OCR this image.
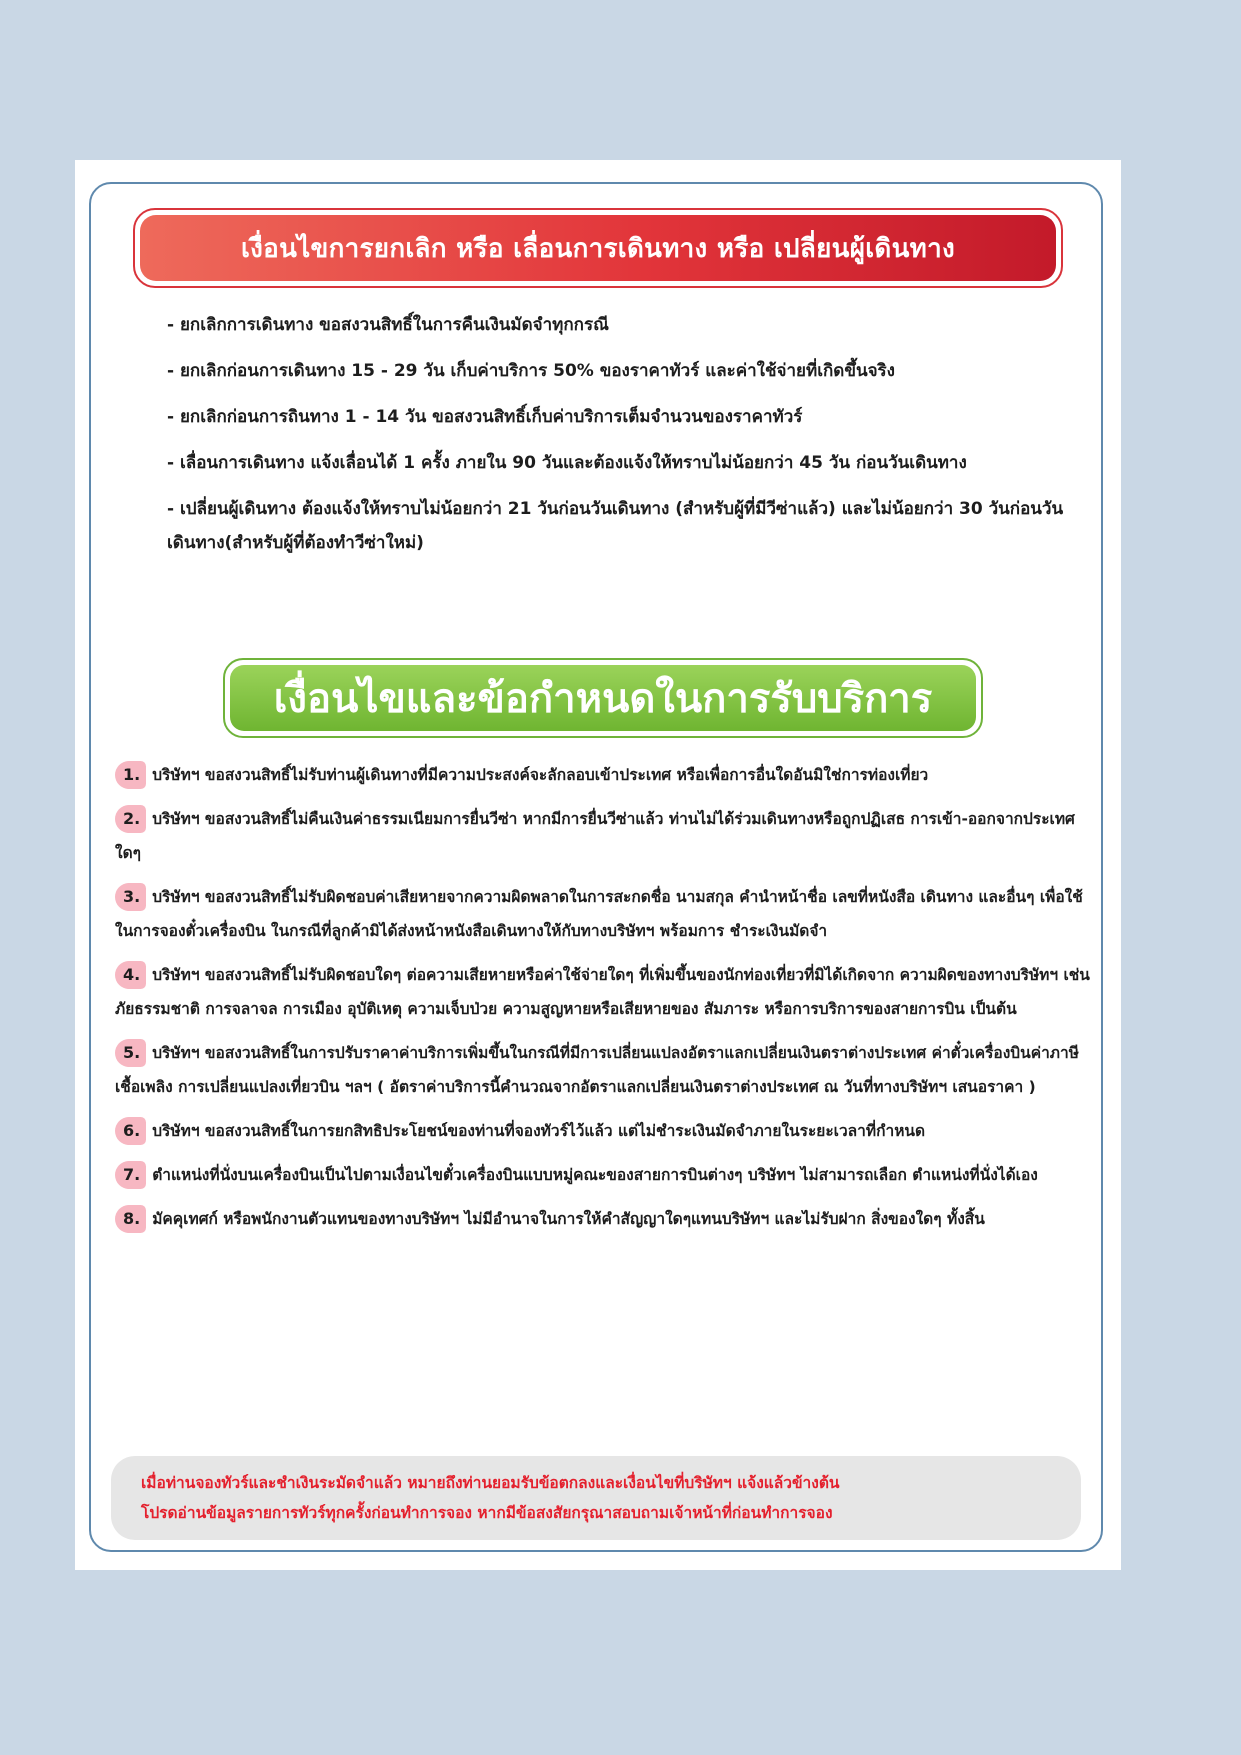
เงื่อนไขการยกเลิก หรือ เลื่อนการเดินทาง หรือ เปลี่ยนผู้เดินทาง
- ยกเลิกการเดินทาง ขอสงวนสิทธิ์ในการคืนเงินมัดจำทุกกรณี
- ยกเลิกก่อนการเดินทาง 15 - 29 วัน เก็บค่าบริการ 50% ของราคาทัวร์ และค่าใช้จ่ายที่เกิดขึ้นจริง
- ยกเลิกก่อนการถินทาง 1 - 14 วัน ขอสงวนสิทธิ์เก็บค่าบริการเต็มจำนวนของราคาทัวร์
- เลื่อนการเดินทาง แจ้งเลื่อนได้ 1 ครั้ง ภายใน 90 วันและต้องแจ้งให้ทราบไม่น้อยกว่า 45 วัน ก่อนวันเดินทาง
- เปลี่ยนผู้เดินทาง ต้องแจ้งให้ทราบไม่น้อยกว่า 21 วันก่อนวันเดินทาง (สำหรับผู้ที่มีวีซ่าแล้ว) และไม่น้อยกว่า 30 วันก่อนวันเดินทาง(สำหรับผู้ที่ต้องทำวีซ่าใหม่)
เงื่อนไขและข้อกำหนดในการรับบริการ
1. บริษัทฯ ขอสงวนสิทธิ์ไม่รับท่านผู้เดินทางที่มีความประสงค์จะลักลอบเข้าประเทศ หรือเพื่อการอื่นใดอันมิใช่การท่องเที่ยว
2. บริษัทฯ ขอสงวนสิทธิ์ไม่คืนเงินค่าธรรมเนียมการยื่นวีซ่า หากมีการยื่นวีซ่าแล้ว ท่านไม่ได้ร่วมเดินทางหรือถูกปฏิเสธ การเข้า-ออกจากประเทศใดๆ
3. บริษัทฯ ขอสงวนสิทธิ์ไม่รับผิดชอบค่าเสียหายจากความผิดพลาดในการสะกดชื่อ นามสกุล คำนำหน้าชื่อ เลขที่หนังสือ เดินทาง และอื่นๆ เพื่อใช้ในการจองตั๋วเครื่องบิน ในกรณีที่ลูกค้ามิได้ส่งหน้าหนังสือเดินทางให้กับทางบริษัทฯ พร้อมการ ชำระเงินมัดจำ
4. บริษัทฯ ขอสงวนสิทธิ์ไม่รับผิดชอบใดๆ ต่อความเสียหายหรือค่าใช้จ่ายใดๆ ที่เพิ่มขึ้นของนักท่องเที่ยวที่มิได้เกิดจาก ความผิดของทางบริษัทฯ เช่นภัยธรรมชาติ การจลาจล การเมือง อุบัติเหตุ ความเจ็บป่วย ความสูญหายหรือเสียหายของ สัมภาระ หรือการบริการของสายการบิน เป็นต้น
5. บริษัทฯ ขอสงวนสิทธิ์ในการปรับราคาค่าบริการเพิ่มขึ้นในกรณีที่มีการเปลี่ยนแปลงอัตราแลกเปลี่ยนเงินตราต่างประเทศ ค่าตั๋วเครื่องบินค่าภาษีเชื้อเพลิง การเปลี่ยนแปลงเที่ยวบิน ฯลฯ ( อัตราค่าบริการนี้คำนวณจากอัตราแลกเปลี่ยนเงินตราต่างประเทศ ณ วันที่ทางบริษัทฯ เสนอราคา )
6. บริษัทฯ ขอสงวนสิทธิ์ในการยกสิทธิประโยชน์ของท่านที่จองทัวร์ไว้แล้ว แต่ไม่ชำระเงินมัดจำภายในระยะเวลาที่กำหนด
7. ตำแหน่งที่นั่งบนเครื่องบินเป็นไปตามเงื่อนไขตั๋วเครื่องบินแบบหมู่คณะของสายการบินต่างๆ บริษัทฯ ไม่สามารถเลือก ตำแหน่งที่นั่งได้เอง
8. มัคคุเทศก์ หรือพนักงานตัวแทนของทางบริษัทฯ ไม่มีอำนาจในการให้คำสัญญาใดๆแทนบริษัทฯ และไม่รับฝาก สิ่งของใดๆ ทั้งสิ้น
เมื่อท่านจองทัวร์และชำเงินระมัดจำแล้ว หมายถึงท่านยอมรับข้อตกลงและเงื่อนไขที่บริษัทฯ แจ้งแล้วข้างต้น
โปรดอ่านข้อมูลรายการทัวร์ทุกครั้งก่อนทำการจอง หากมีข้อสงสัยกรุณาสอบถามเจ้าหน้าที่ก่อนทำการจอง
